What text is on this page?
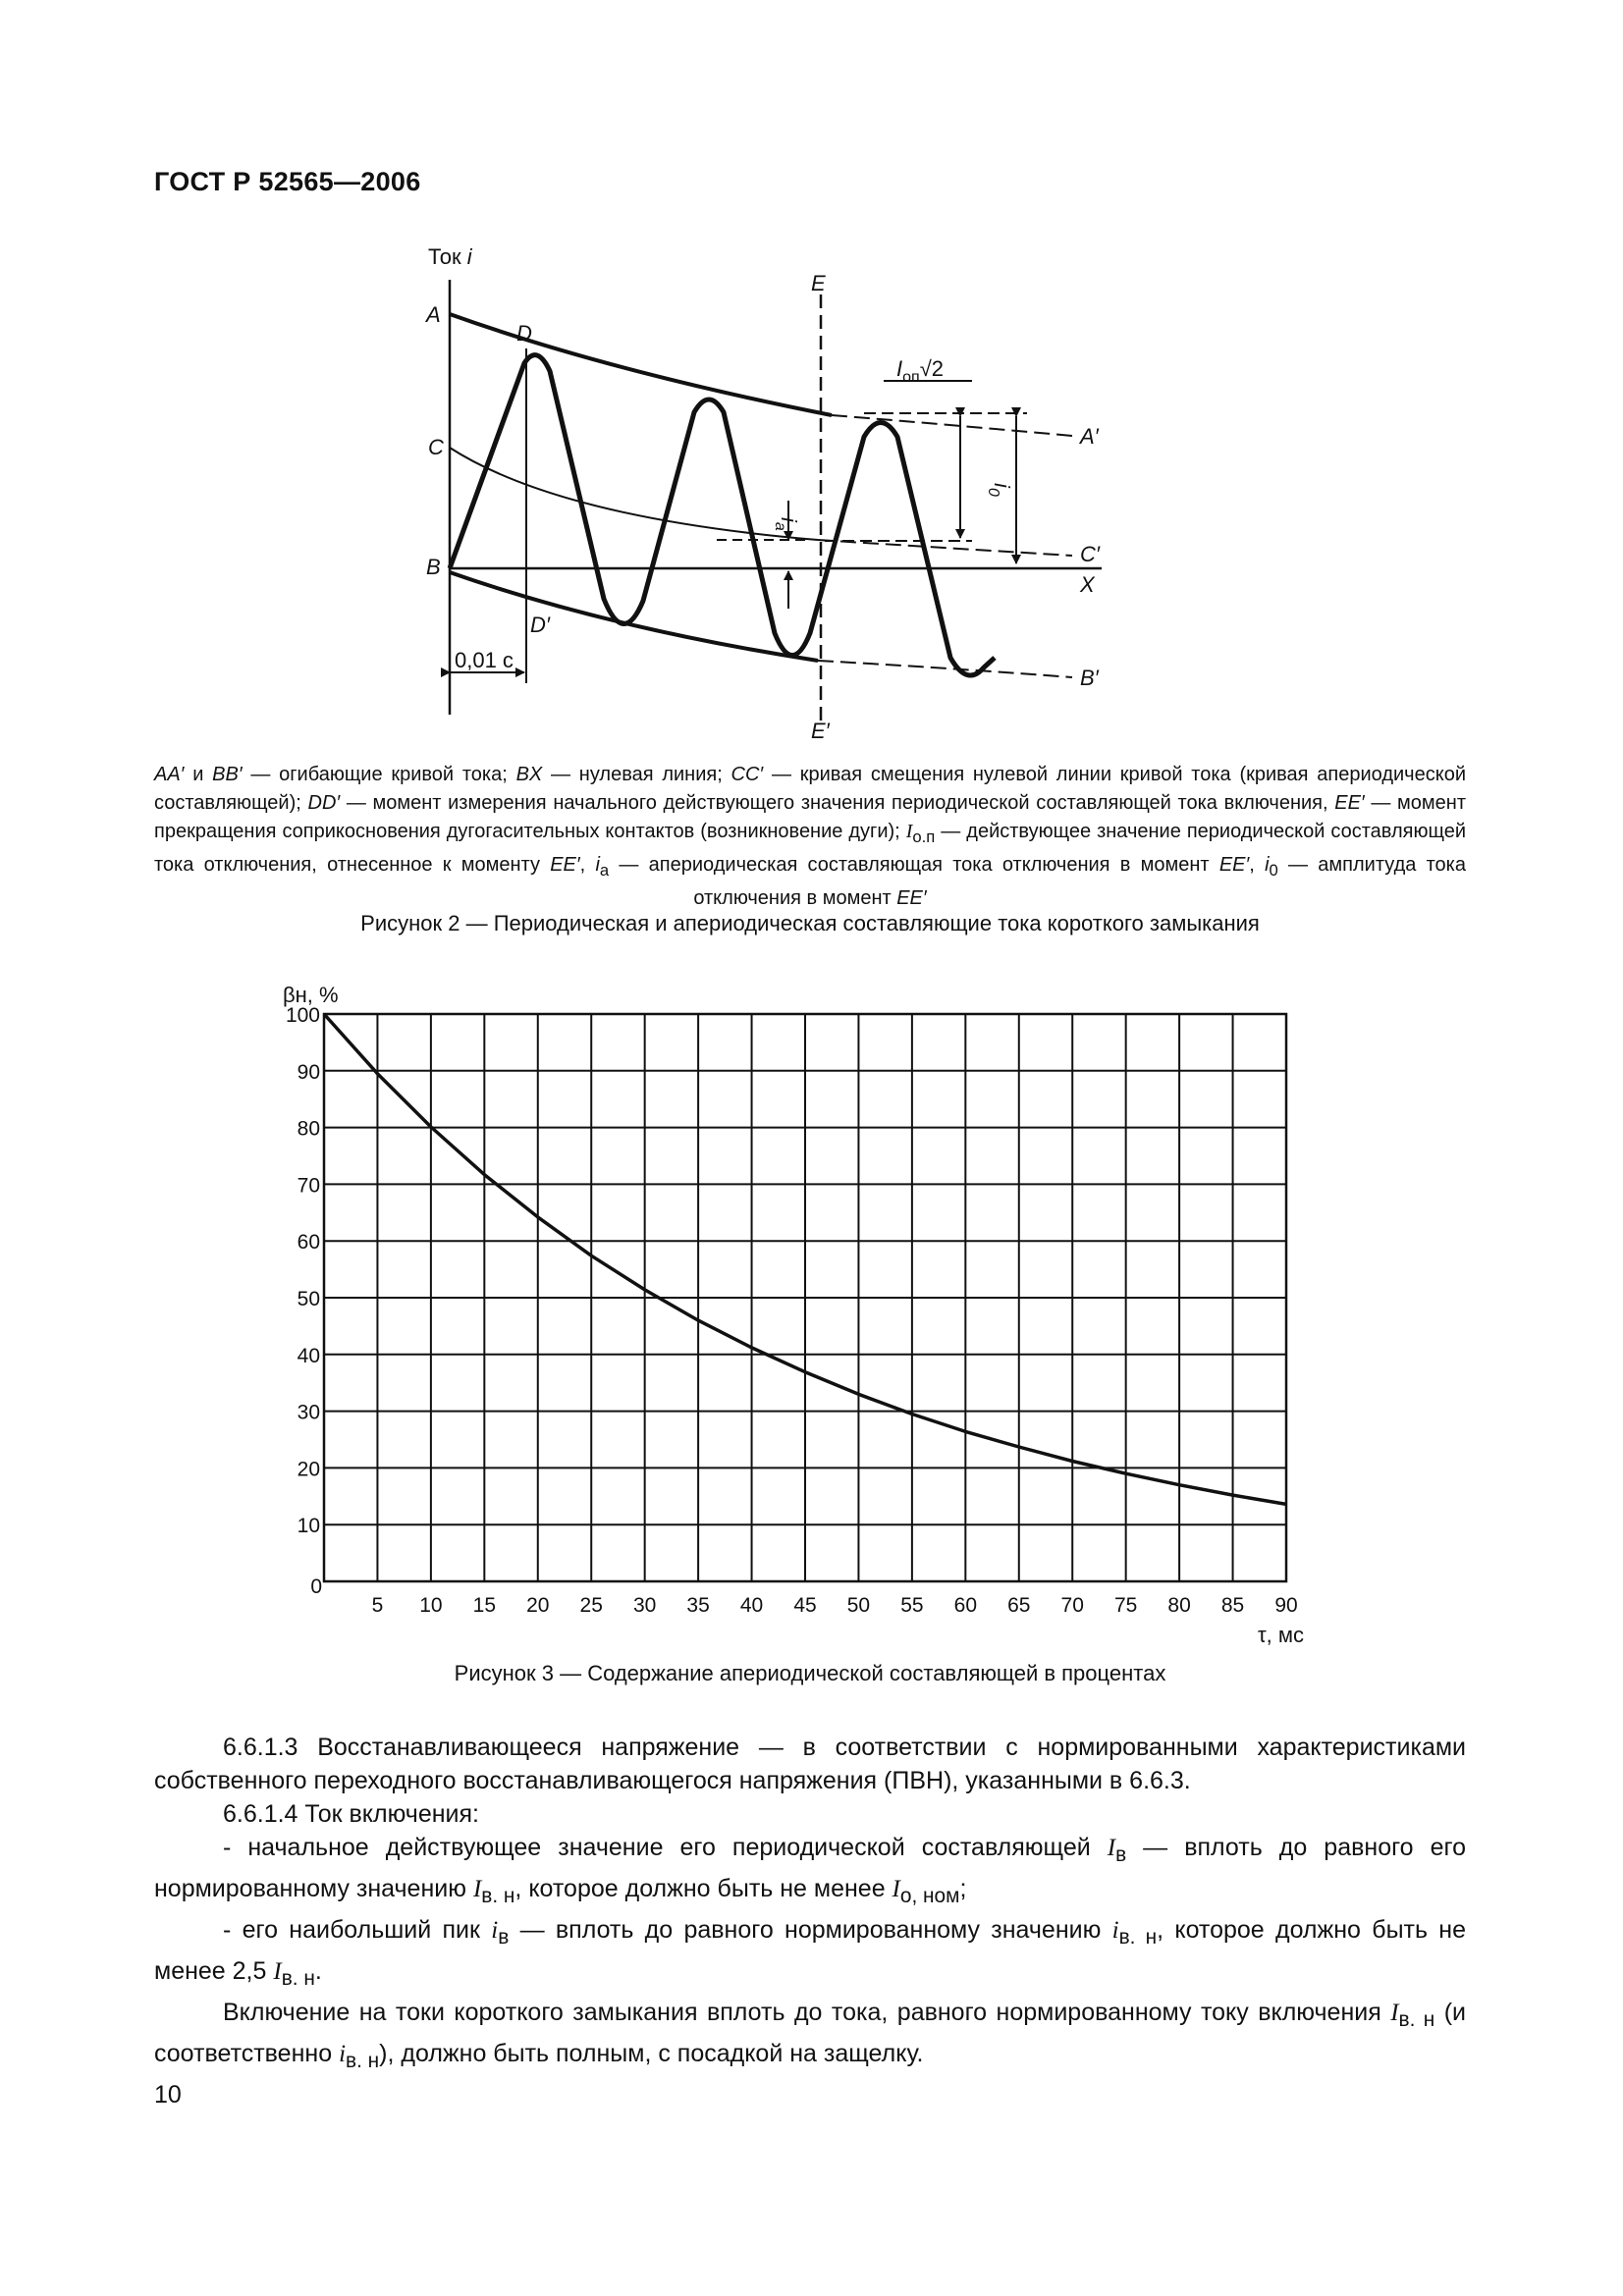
ГОСТ Р 52565—2006
Ток i
A
D
C
B
D′
E
E′
A′
C′
X
B′
0,01 с
$I_{оп}√2$
$i_a$
$i_0$
AA′ и BB′ — огибающие кривой тока; BX — нулевая линия; CC′ — кривая смещения нулевой линии кривой тока (кривая апериодической составляющей); DD′ — момент измерения начального действующего значения периодической составляющей тока включения, EE′ — момент прекращения соприкосновения дугогасительных контактов (возникновение дуги); $I_{о.п}$ — действующее значение периодической составляющей тока отключения, отнесенное к моменту EE′, $i_a$ — апериодическая составляющая тока отключения в момент EE′, $i_0$ — амплитуда тока отключения в момент EE′
Рисунок 2 — Периодическая и апериодическая составляющие тока короткого замыкания
0
5 10 15 20 25 30 35 40 45 50 55 60 65 70 75 80 85 90
10
20
30
40
50
60
70
80
90
100
βн, %
τ, мс
Рисунок 3 — Содержание апериодической составляющей в процентах

6.6.1.3 Восстанавливающееся напряжение — в соответствии с нормированными характеристиками собственного переходного восстанавливающегося напряжения (ПВН), указанными в 6.6.3.

6.6.1.4 Ток включения:

- начальное действующее значение его периодической составляющей $I_в$ — вплоть до равного его нормированному значению $I_{в. н}$, которое должно быть не менее $I_{о, ном}$;

- его наибольший пик $i_в$ — вплоть до равного нормированному значению $i_{в. н}$, которое должно быть не менее 2,5 $I_{в. н}$.

Включение на токи короткого замыкания вплоть до тока, равного нормированному току включения $I_{в. н}$ (и соответственно $i_{в. н}$), должно быть полным, с посадкой на защелку.

10
